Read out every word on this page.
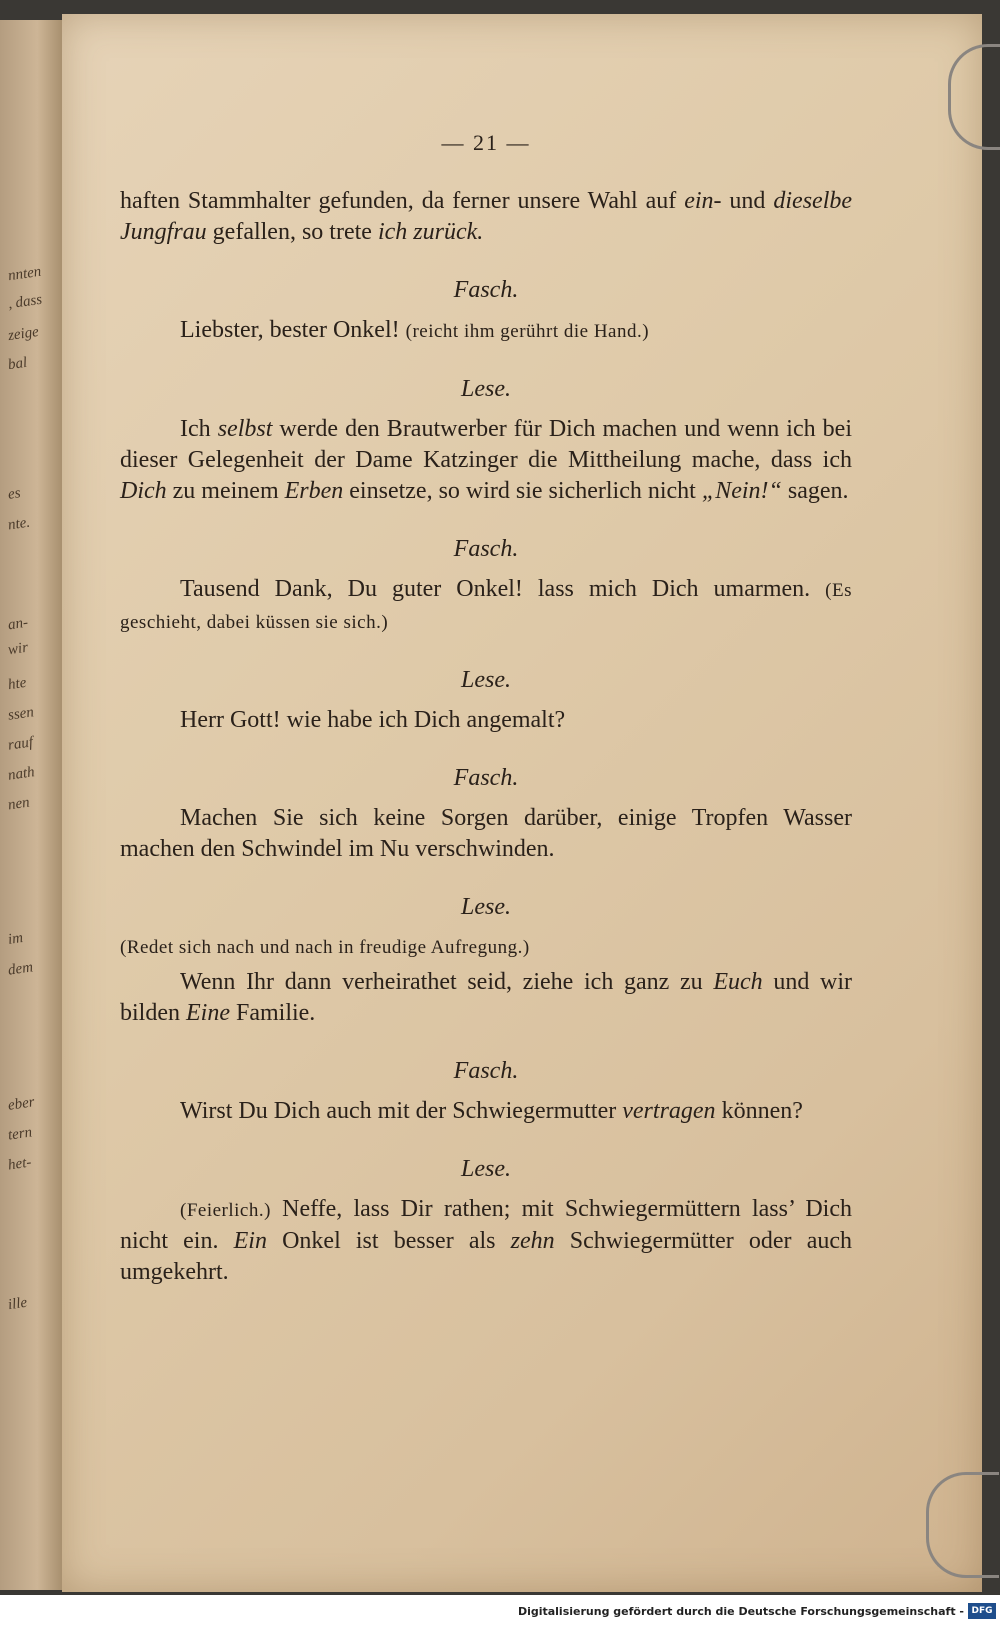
nnten
, dass
zeige
bal
es
nte.
an-
wir
hte
ssen
rauf
nath
nen
im
dem
eber
tern
het-
ille
— 21 —

haften Stammhalter gefunden, da ferner unsere Wahl auf ein- und dieselbe Jungfrau gefallen, so trete ich zurück.

Fasch.

Liebster, bester Onkel! (reicht ihm gerührt die Hand.)

Lese.

Ich selbst werde den Brautwerber für Dich machen und wenn ich bei dieser Gelegenheit der Dame Katzinger die Mittheilung mache, dass ich Dich zu meinem Erben einsetze, so wird sie sicherlich nicht „Nein!“ sagen.

Fasch.

Tausend Dank, Du guter Onkel! lass mich Dich umarmen. (Es geschieht, dabei küssen sie sich.)

Lese.

Herr Gott! wie habe ich Dich angemalt?

Fasch.

Machen Sie sich keine Sorgen darüber, einige Tropfen Wasser machen den Schwindel im Nu verschwinden.

Lese.

(Redet sich nach und nach in freudige Aufregung.)

Wenn Ihr dann verheirathet seid, ziehe ich ganz zu Euch und wir bilden Eine Familie.

Fasch.

Wirst Du Dich auch mit der Schwiegermutter vertragen können?

Lese.

(Feierlich.) Neffe, lass Dir rathen; mit Schwiegermüttern lass’ Dich nicht ein. Ein Onkel ist besser als zehn Schwiegermütter oder auch umgekehrt.

Digitalisierung gefördert durch die Deutsche Forschungsgemeinschaft - DFG
